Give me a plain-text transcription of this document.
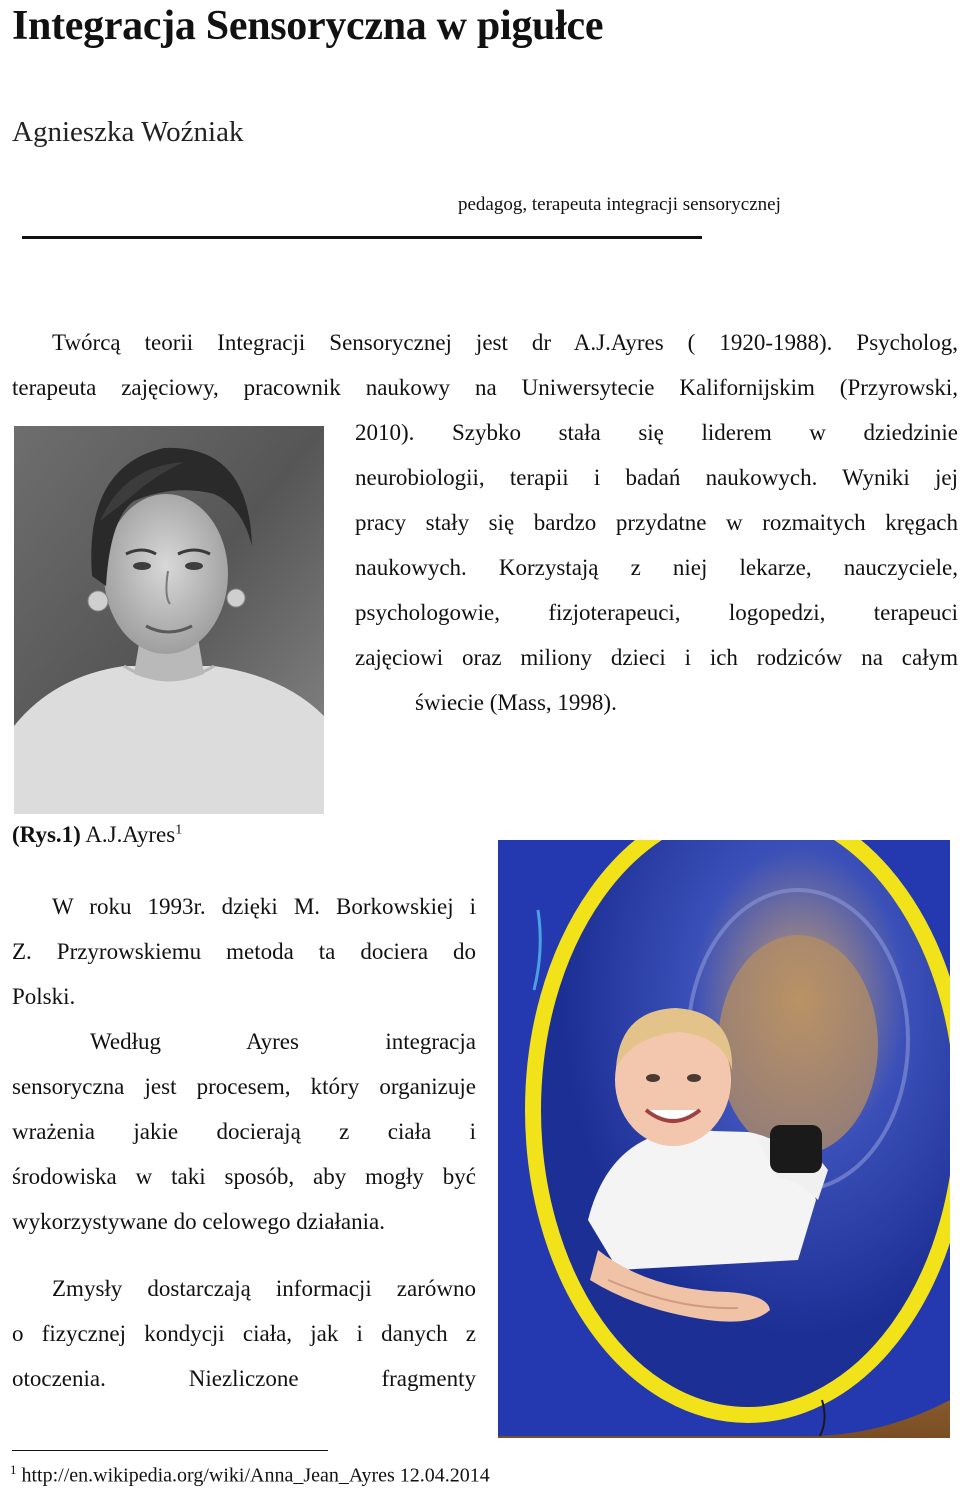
Integracja Sensoryczna w pigułce
Agnieszka Woźniak
pedagog, terapeuta integracji sensorycznej
Twórcą teorii Integracji Sensorycznej jest dr A.J.Ayres ( 1920-1988). Psycholog,
terapeuta zajęciowy, pracownik naukowy na Uniwersytecie Kalifornijskim (Przyrowski,
2010). Szybko stała się liderem w dziedzinie
neurobiologii, terapii i badań naukowych. Wyniki jej
pracy stały się bardzo przydatne w rozmaitych kręgach
naukowych. Korzystają z niej lekarze, nauczyciele,
psychologowie, fizjoterapeuci, logopedzi, terapeuci
zajęciowi oraz miliony dzieci i ich rodziców na całym
świecie (Mass, 1998).
(Rys.1) A.J.Ayres$^1$
W roku 1993r. dzięki M. Borkowskiej i
Z. Przyrowskiemu metoda ta dociera do
Polski.
Według Ayres integracja
sensoryczna jest procesem, który organizuje
wrażenia jakie docierają z ciała i
środowiska w taki sposób, aby mogły być
wykorzystywane do celowego działania.
Zmysły dostarczają informacji zarówno
o fizycznej kondycji ciała, jak i danych z
otoczenia. Niezliczone fragmenty
$^1$ http://en.wikipedia.org/wiki/Anna_Jean_Ayres 12.04.2014
